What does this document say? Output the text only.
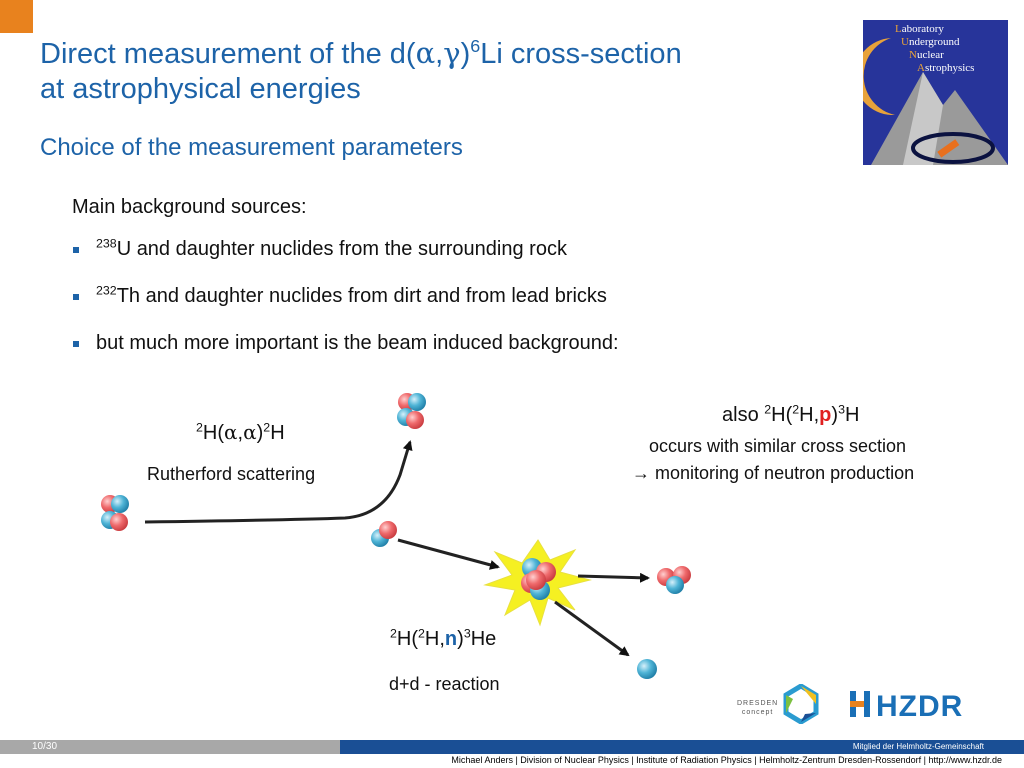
Direct measurement of the $d(\alpha,\gamma)^6Li$ cross-section
at astrophysical energies
Choice of the measurement parameters
Laboratory
Underground
Nuclear
Astrophysics

Main background sources:

$^{238}$U and daughter nuclides from the surrounding rock
$^{232}$Th and daughter nuclides from dirt and from lead bricks
but much more important is the beam induced background:
$^2H(\alpha,\alpha)^2H$
Rutherford scattering
also $^2H(^2H,p)^3H$
occurs with similar cross section
→ monitoring of neutron production
$^2H(^2H,n)^3He$
d+d - reaction
DRESDEN
concept	HZDR
10/30	Mitglied der Helmholtz-Gemeinschaft
Michael Anders | Division of Nuclear Physics | Institute of Radiation Physics | Helmholtz-Zentrum Dresden-Rossendorf | http://www.hzdr.de
